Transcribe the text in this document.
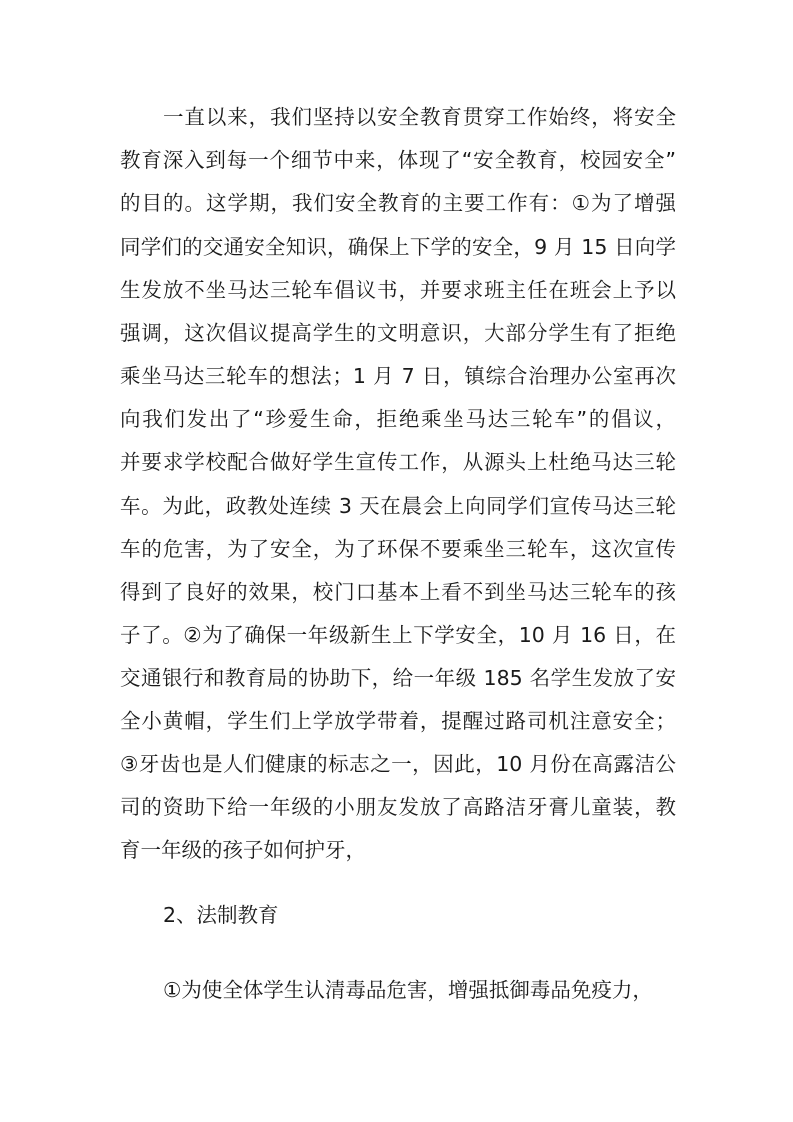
一直以来，我们坚持以安全教育贯穿工作始终，将安全
教育深入到每一个细节中来，体现了“安全教育，校园安全”
的目的。这学期，我们安全教育的主要工作有：①为了增强
同学们的交通安全知识，确保上下学的安全，9 月 15 日向学
生发放不坐马达三轮车倡议书，并要求班主任在班会上予以
强调，这次倡议提高学生的文明意识，大部分学生有了拒绝
乘坐马达三轮车的想法；1 月 7 日，镇综合治理办公室再次
向我们发出了“珍爱生命，拒绝乘坐马达三轮车”的倡议，
并要求学校配合做好学生宣传工作，从源头上杜绝马达三轮
车。为此，政教处连续 3 天在晨会上向同学们宣传马达三轮
车的危害，为了安全，为了环保不要乘坐三轮车，这次宣传
得到了良好的效果，校门口基本上看不到坐马达三轮车的孩
子了。②为了确保一年级新生上下学安全，10 月 16 日，在
交通银行和教育局的协助下，给一年级 185 名学生发放了安
全小黄帽，学生们上学放学带着，提醒过路司机注意安全；
③牙齿也是人们健康的标志之一，因此，10 月份在高露洁公
司的资助下给一年级的小朋友发放了高路洁牙膏儿童装，教
育一年级的孩子如何护牙，
2、法制教育
①为使全体学生认清毒品危害，增强抵御毒品免疫力，
